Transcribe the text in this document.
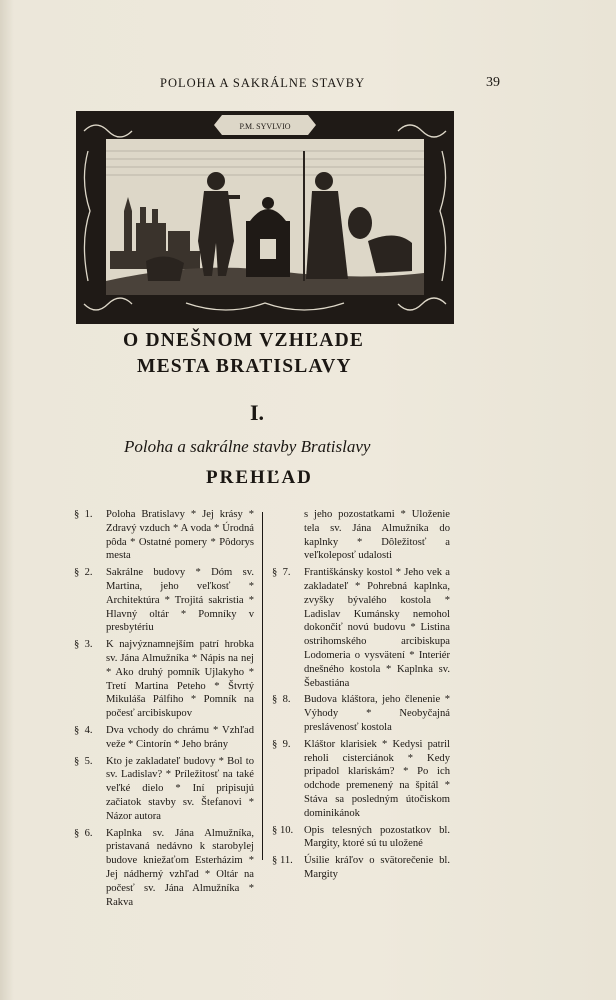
POLOHA A SAKRÁLNE STAVBY	39
P.M. SYVLVIO
O DNEŠNOM VZHĽADE
MESTA BRATISLAVY
I.
Poloha a sakrálne stavby Bratislavy
PREHĽAD
§  1.	Poloha Bratislavy * Jej krásy * Zdravý vzduch * A voda * Úrodná pôda * Ostatné pomery * Pôdorys mesta
§  2.	Sakrálne budovy * Dóm sv. Martina, jeho veľkosť * Architektúra * Trojitá sakristia * Hlavný oltár * Pomníky v presbytériu
§  3.	K najvýznamnejším patrí hrobka sv. Jána Almužníka * Nápis na nej * Ako druhý pomník Ujlakyho * Tretí Martina Peteho * Štvrtý Mikuláša Pálfiho * Pomník na počesť arcibiskupov
§  4.	Dva vchody do chrámu * Vzhľad veže * Cintorín * Jeho brány
§  5.	Kto je zakladateľ budovy * Bol to sv. Ladislav? * Príležitosť na také veľké dielo * Iní pripisujú začiatok stavby sv. Štefanovi * Názor autora
§  6.	Kaplnka sv. Jána Almužníka, pristavaná nedávno k starobylej budove kniežaťom Esterházim * Jej nádherný vzhľad * Oltár na počesť sv. Jána Almužníka * Rakva
s jeho pozostatkami * Uloženie tela sv. Jána Almužníka do kaplnky * Dôležitosť a veľkoleposť udalosti
§  7.	Františkánsky kostol * Jeho vek a zakladateľ * Pohrebná kaplnka, zvyšky bývalého kostola * Ladislav Kumánsky nemohol dokončiť novú budovu * Listina ostrihomského arcibiskupa Lodomeria o vysvätení * Interiér dnešného kostola * Kaplnka sv. Šebastiána
§  8.	Budova kláštora, jeho členenie * Výhody * Neobyčajná preslávenosť kostola
§  9.	Kláštor klarisiek * Kedysi patril reholi cisterciánok * Kedy pripadol klariskám? * Po ich odchode premenený na špitál * Stáva sa posledným útočiskom dominikánok
§ 10.	Opis telesných pozostatkov bl. Margity, ktoré sú tu uložené
§ 11.	Úsilie kráľov o svätorečenie bl. Margity
